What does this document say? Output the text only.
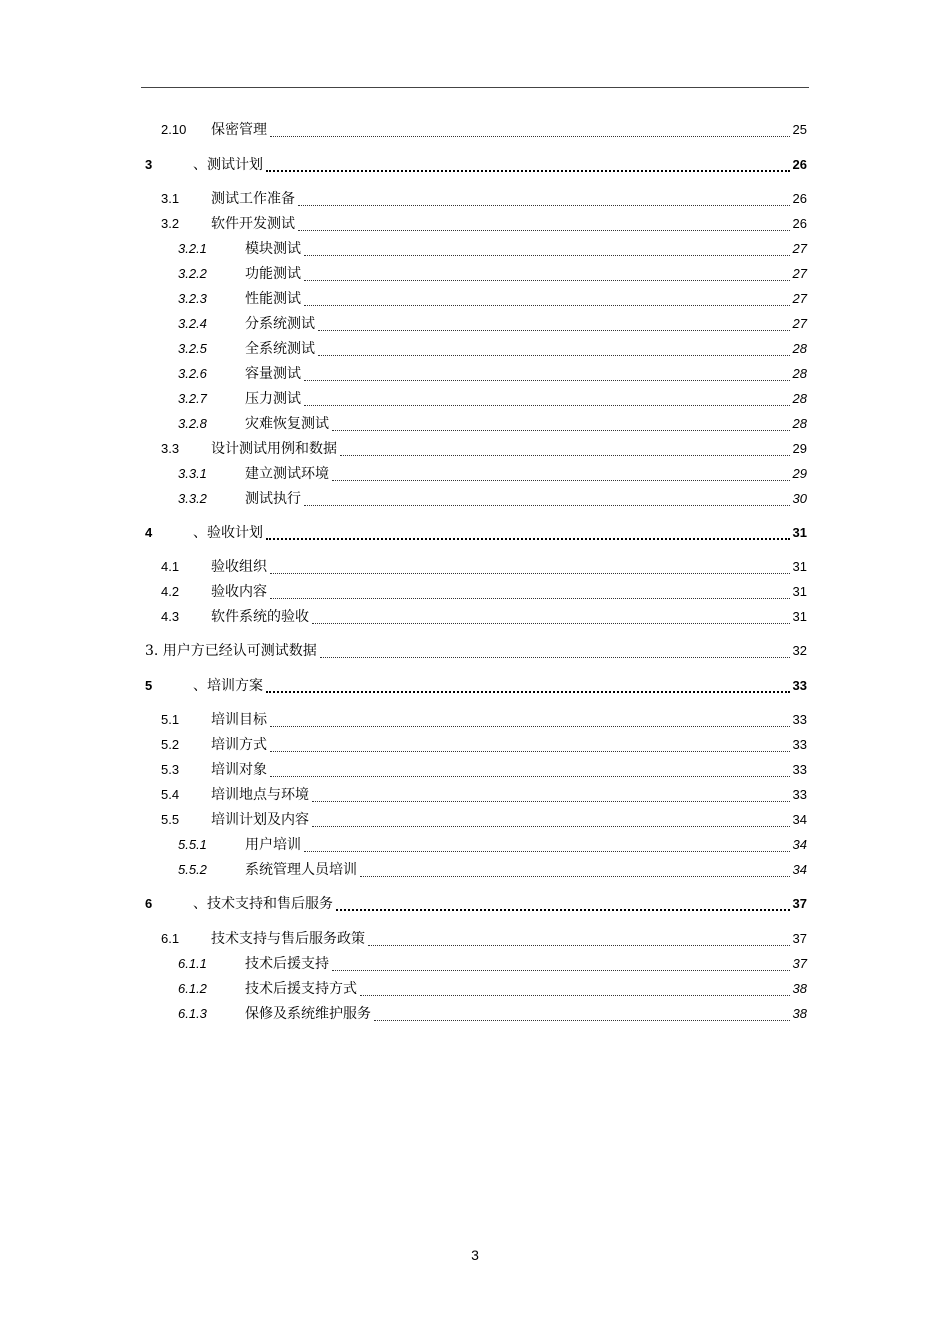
2.10 保密管理	25
3	、测试计划	26
3.1 测试工作准备	26
3.2 软件开发测试	26
3.2.1	模块测试	27
3.2.2	功能测试	27
3.2.3	性能测试	27
3.2.4	分系统测试	27
3.2.5	全系统测试	28
3.2.6	容量测试	28
3.2.7	压力测试	28
3.2.8	灾难恢复测试	28
3.3 设计测试用例和数据	29
3.3.1	建立测试环境	29
3.3.2	测试执行	30
4	、验收计划	31
4.1 验收组织	31
4.2 验收内容	31
4.3 软件系统的验收	31
3. 用户方已经认可测试数据	32
5	、培训方案	33
5.1 培训目标	33
5.2 培训方式	33
5.3 培训对象	33
5.4 培训地点与环境	33
5.5 培训计划及内容	34
5.5.1	用户培训	34
5.5.2	系统管理人员培训	34
6	、技术支持和售后服务	37
6.1 技术支持与售后服务政策	37
6.1.1	技术后援支持	37
6.1.2	技术后援支持方式	38
6.1.3	保修及系统维护服务	38
3
